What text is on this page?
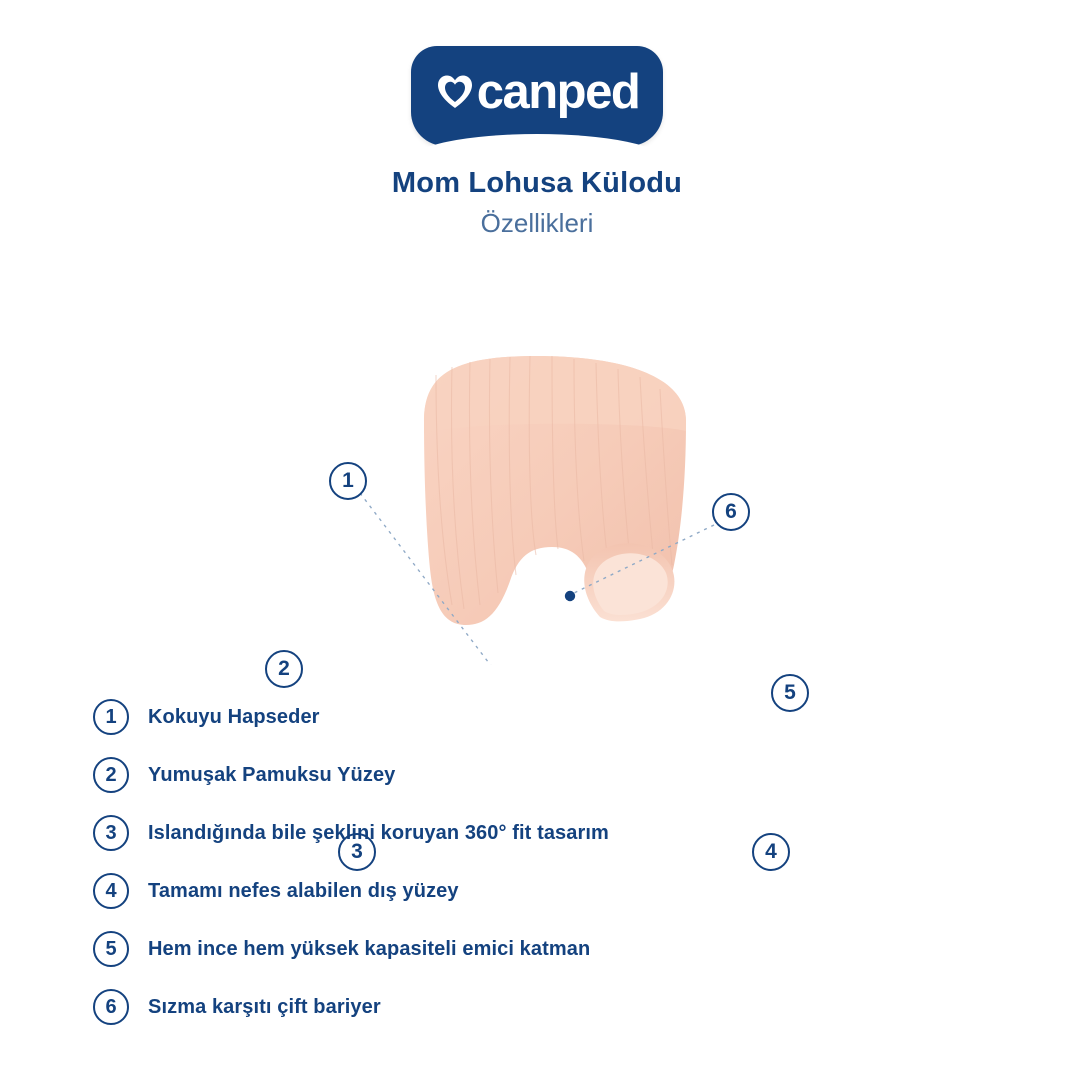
canped
Mom Lohusa Külodu
Özellikleri
1
2
3	4
5
6
1	Kokuyu Hapseder
2	Yumuşak Pamuksu Yüzey
3	Islandığında bile şeklini koruyan 360° fit tasarım
4	Tamamı nefes alabilen dış yüzey
5	Hem ince hem yüksek kapasiteli emici katman
6	Sızma karşıtı çift bariyer
